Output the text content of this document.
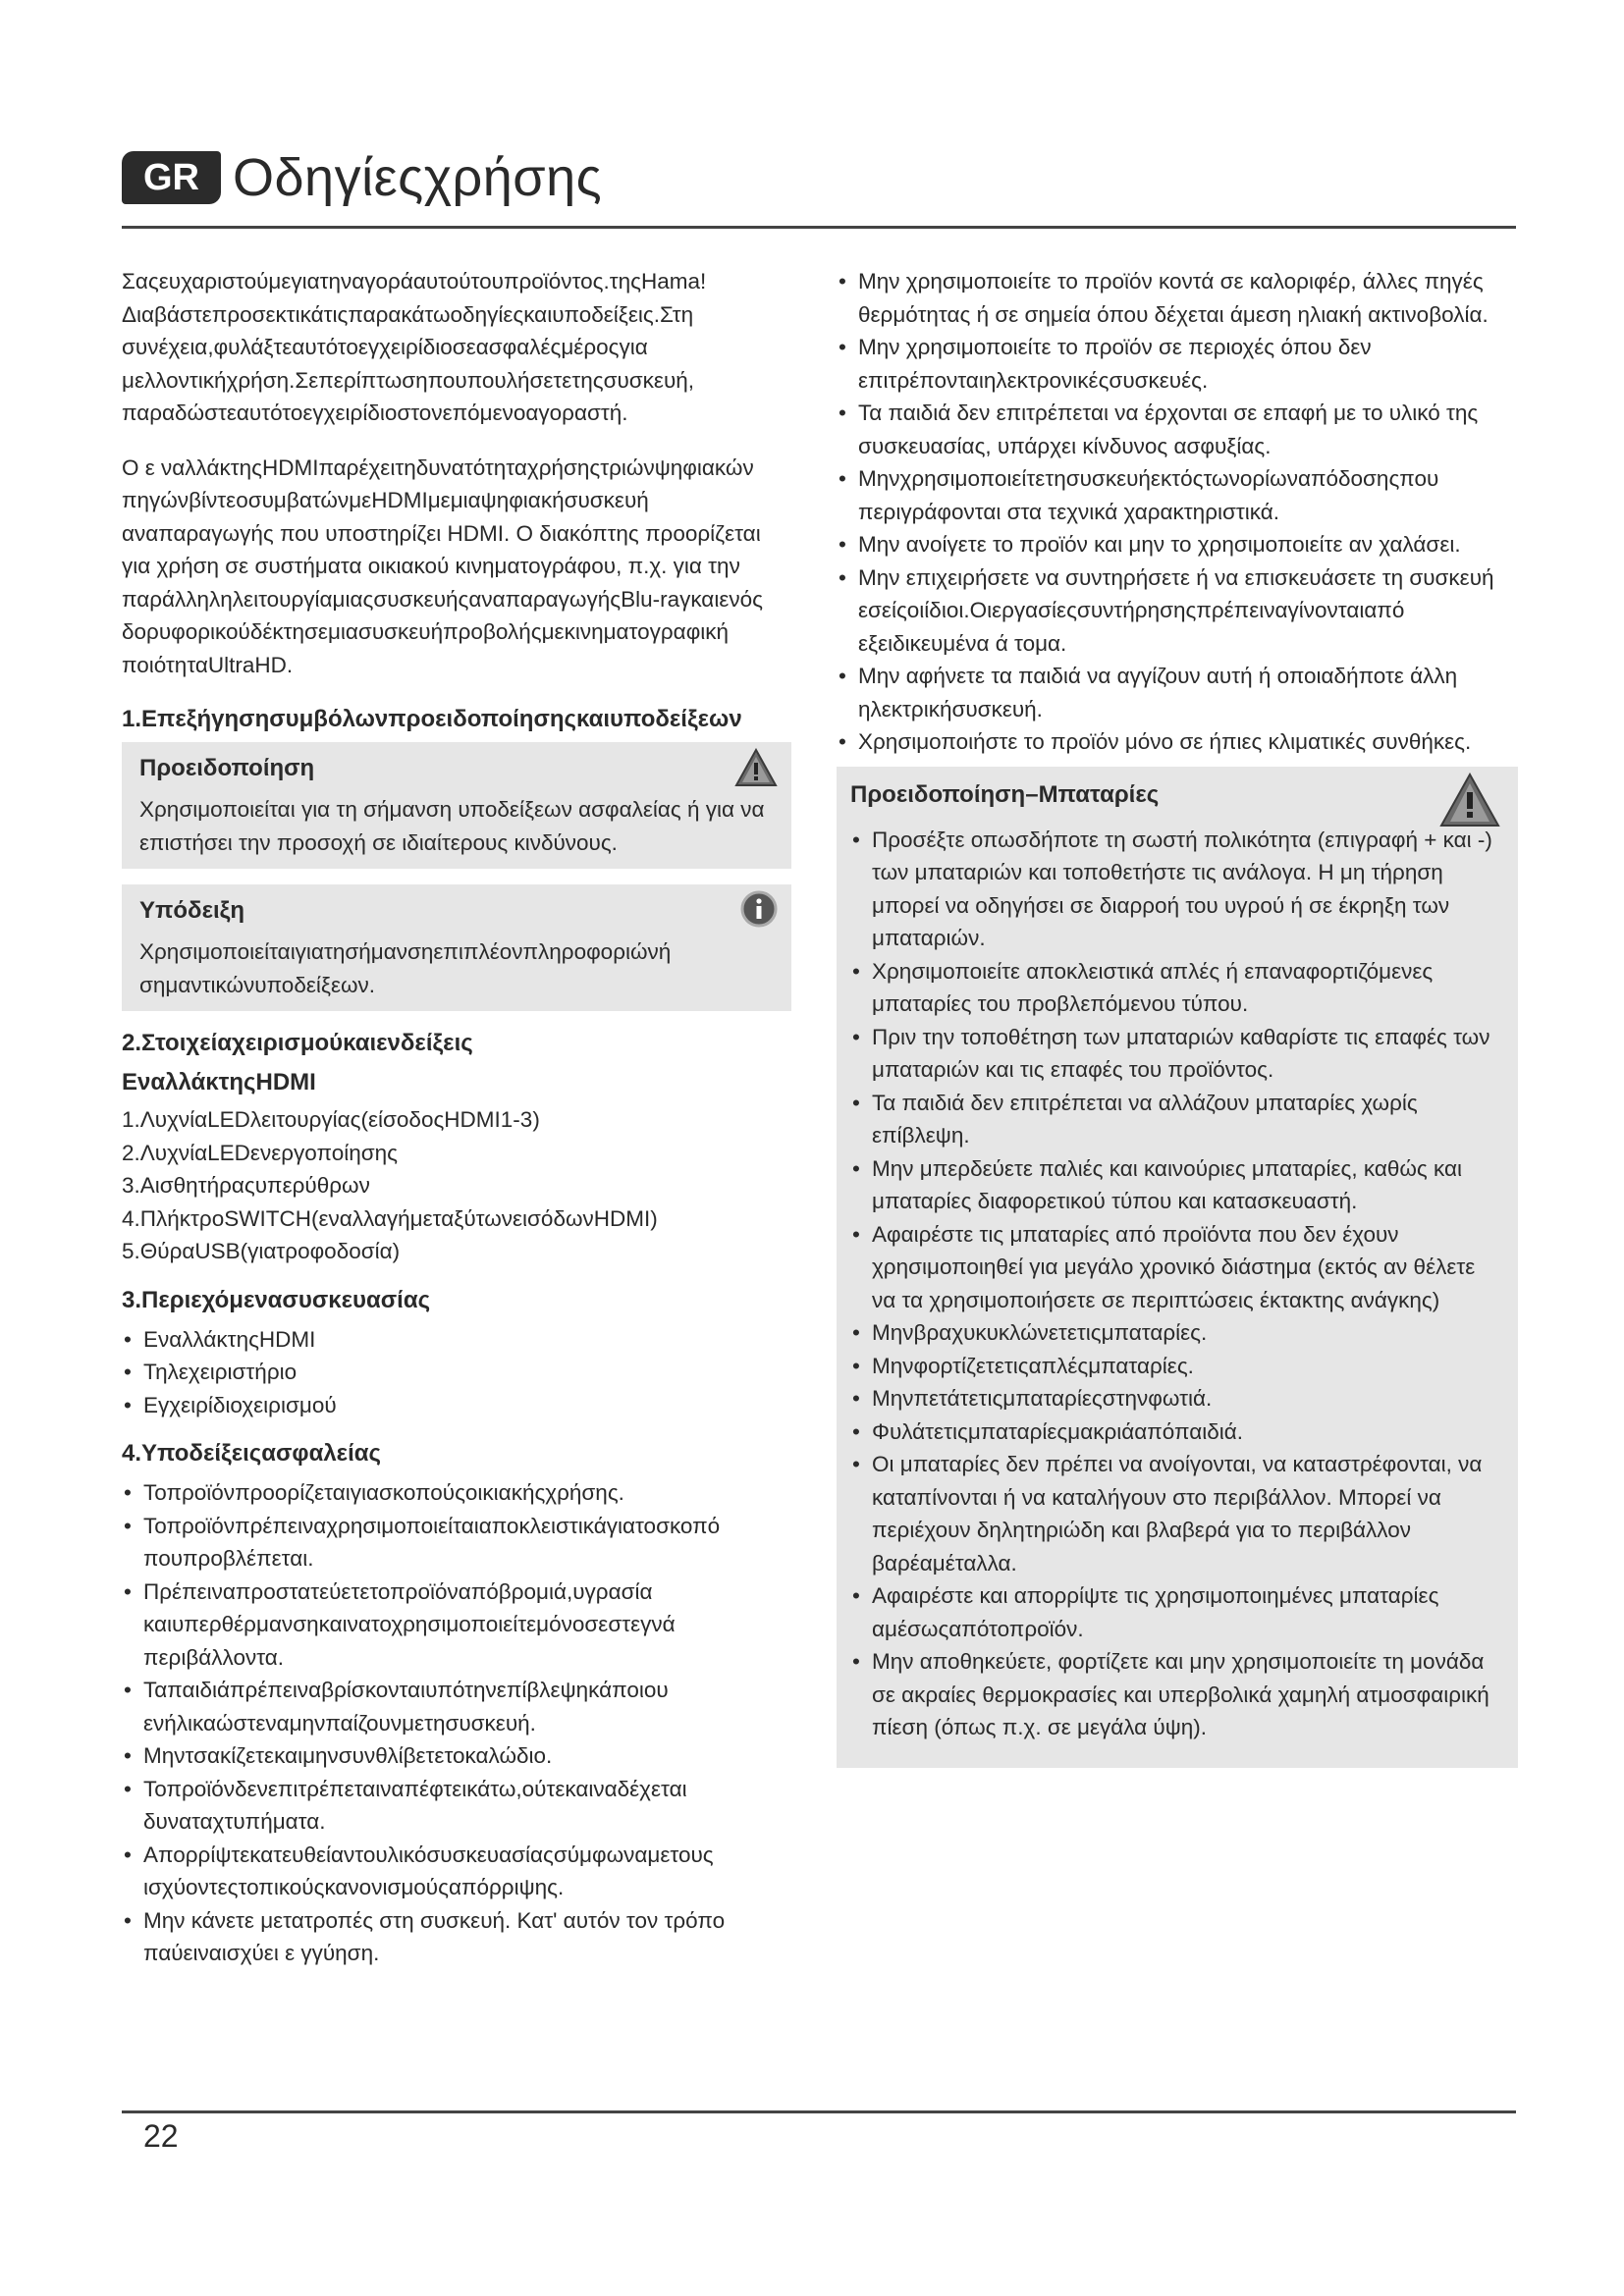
GR Οδηγίεςχρήσης

Σαςευχαριστούμεγιατηναγοράαυτούτουπροϊόντος.τηςHama! Διαβάστεπροσεκτικάτιςπαρακάτωοδηγίεςκαιυποδείξεις.Στη συνέχεια,φυλάξτεαυτότοεγχειρίδιοσεασφαλέςμέροςγια μελλοντικήχρήση.Σεπερίπτωσηπουπουλήσετετηςσυσκευή, παραδώστεαυτότοεγχειρίδιοστονεπόμενοαγοραστή.

Ο ε ναλλάκτηςHDMIπαρέχειτηδυνατότηταχρήσηςτριώνψηφιακών πηγώνβίντεοσυμβατώνμεHDMIμεμιαψηφιακήσυσκευή αναπαραγωγής που υποστηρίζει HDMI. Ο διακόπτης προορίζεται για χρήση σε συστήματα οικιακού κινηματογράφου, π.χ. για την παράλληληλειτουργίαμιαςσυσκευήςαναπαραγωγήςBlu-raγκαιενός δορυφορικούδέκτησεμιασυσκευήπροβολήςμεκινηματογραφική ποιότηταUltraHD.

1.Επεξήγησησυμβόλωνπροειδοποίησηςκαιυποδείξεων
Προειδοποίηση
Χρησιμοποιείται για τη σήμανση υποδείξεων ασφαλείας ή για να επιστήσει την προσοχή σε ιδιαίτερους κινδύνους.
Υπόδειξη
Χρησιμοποιείταιγιατησήμανσηεπιπλέονπληροφοριώνή σημαντικώνυποδείξεων.
2.Στοιχείαχειρισμούκαιενδείξεις
ΕναλλάκτηςHDMI
1.ΛυχνίαLEDλειτουργίας(είσοδοςHDMI1-3)
2.ΛυχνίαLEDενεργοποίησης
3.Αισθητήραςυπερύθρων
4.ΠλήκτροSWITCH(εναλλαγήμεταξύτωνεισόδωνHDMI)
5.ΘύραUSB(γιατροφοδοσία)
3.Περιεχόμενασυσκευασίας
• ΕναλλάκτηςHDMI
• Τηλεχειριστήριο
• Εγχειρίδιοχειρισμού
4.Υποδείξειςασφαλείας
• Τοπροϊόνπροορίζεταιγιασκοπούςοικιακήςχρήσης.
• Τοπροϊόνπρέπειναχρησιμοποιείταιαποκλειστικάγιατοσκοπό πουπροβλέπεται.
• Πρέπειναπροστατεύετετοπροϊόναπόβρομιά,υγρασία καιυπερθέρμανσηκαινατοχρησιμοποιείτεμόνοσεστεγνά περιβάλλοντα.
• Ταπαιδιάπρέπειναβρίσκονταιυπότηνεπίβλεψηκάποιου ενήλικαώστεναμηνπαίζουνμετησυσκευή.
• Μηντσακίζετεκαιμηνσυνθλίβετετοκαλώδιο.
• Τοπροϊόνδενεπιτρέπεταιναπέφτεικάτω,ούτεκαιναδέχεται δυναταχτυπήματα.
• Απορρίψτεκατευθείαντουλικόσυσκευασίαςσύμφωναμετους ισχύοντεςτοπικούςκανονισμούςαπόρριψης.
• Μην κάνετε μετατροπές στη συσκευή. Κατ' αυτόν τον τρόπο παύειναισχύει ε γγύηση.
• Μην χρησιμοποιείτε το προϊόν κοντά σε καλοριφέρ, άλλες πηγές θερμότητας ή σε σημεία όπου δέχεται άμεση ηλιακή ακτινοβολία.
• Μην χρησιμοποιείτε το προϊόν σε περιοχές όπου δεν επιτρέπονταιηλεκτρονικέςσυσκευές.
• Τα παιδιά δεν επιτρέπεται να έρχονται σε επαφή με το υλικό της συσκευασίας, υπάρχει κίνδυνος ασφυξίας.
• Μηνχρησιμοποιείτετησυσκευήεκτόςτωνορίωναπόδοσηςπου περιγράφονται στα τεχνικά χαρακτηριστικά.
• Μην ανοίγετε το προϊόν και μην το χρησιμοποιείτε αν χαλάσει.
• Μην επιχειρήσετε να συντηρήσετε ή να επισκευάσετε τη συσκευή εσείςοιίδιοι.Οιεργασίεςσυντήρησηςπρέπειναγίνονταιαπό εξειδικευμένα ά τομα.
• Μην αφήνετε τα παιδιά να αγγίζουν αυτή ή οποιαδήποτε άλλη ηλεκτρικήσυσκευή.
• Χρησιμοποιήστε το προϊόν μόνο σε ήπιες κλιματικές συνθήκες.
Προειδοποίηση–Μπαταρίες
• Προσέξτε οπωσδήποτε τη σωστή πολικότητα (επιγραφή + και -) των μπαταριών και τοποθετήστε τις ανάλογα. Η μη τήρηση μπορεί να οδηγήσει σε διαρροή του υγρού ή σε έκρηξη των μπαταριών.
• Χρησιμοποιείτε αποκλειστικά απλές ή επαναφορτιζόμενες μπαταρίες του προβλεπόμενου τύπου.
• Πριν την τοποθέτηση των μπαταριών καθαρίστε τις επαφές των μπαταριών και τις επαφές του προϊόντος.
• Τα παιδιά δεν επιτρέπεται να αλλάζουν μπαταρίες χωρίς επίβλεψη.
• Μην μπερδεύετε παλιές και καινούριες μπαταρίες, καθώς και μπαταρίες διαφορετικού τύπου και κατασκευαστή.
• Αφαιρέστε τις μπαταρίες από προϊόντα που δεν έχουν χρησιμοποιηθεί για μεγάλο χρονικό διάστημα (εκτός αν θέλετε να τα χρησιμοποιήσετε σε περιπτώσεις έκτακτης ανάγκης)
• Μηνβραχυκυκλώνετετιςμπαταρίες.
• Μηνφορτίζετετιςαπλέςμπαταρίες.
• Μηνπετάτετιςμπαταρίεςστηνφωτιά.
• Φυλάτετιςμπαταρίεςμακριάαπόπαιδιά.
• Οι μπαταρίες δεν πρέπει να ανοίγονται, να καταστρέφονται, να καταπίνονται ή να καταλήγουν στο περιβάλλον. Μπορεί να περιέχουν δηλητηριώδη και βλαβερά για το περιβάλλον βαρέαμέταλλα.
• Αφαιρέστε και απορρίψτε τις χρησιμοποιημένες μπαταρίες αμέσωςαπότοπροϊόν.
• Μην αποθηκεύετε, φορτίζετε και μην χρησιμοποιείτε τη μονάδα σε ακραίες θερμοκρασίες και υπερβολικά χαμηλή ατμοσφαιρική πίεση (όπως π.χ. σε μεγάλα ύψη).
22
